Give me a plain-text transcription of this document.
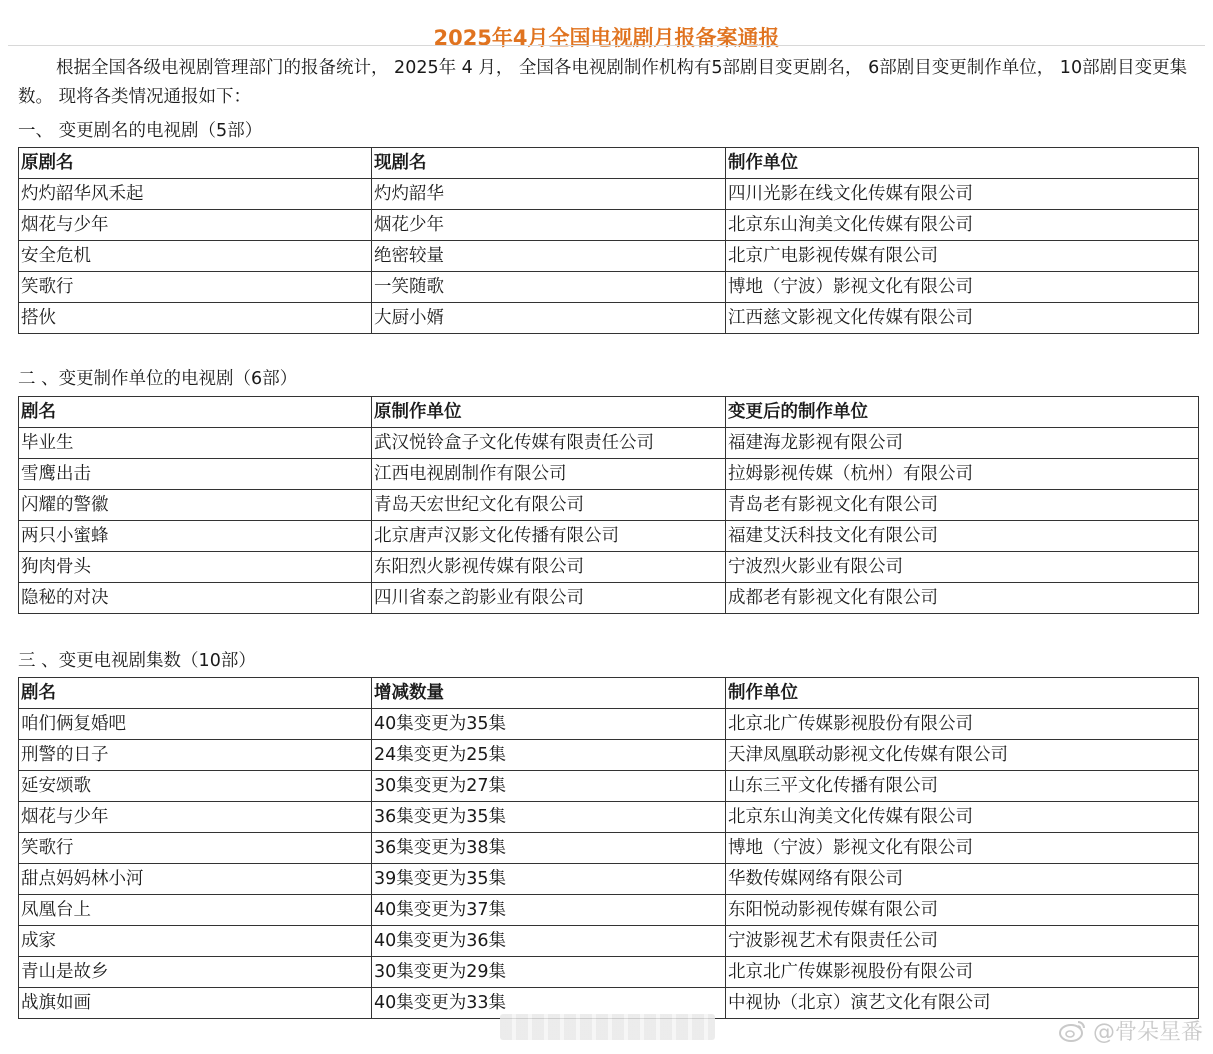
2025年4月全国电视剧月报备案通报

根据全国各级电视剧管理部门的报备统计， 2025年 4 月， 全国各电视剧制作机构有5部剧目变更剧名， 6部剧目变更制作单位， 10部剧目变更集数。 现将各类情况通报如下：

一、 变更剧名的电视剧（5部）

原剧名	现剧名	制作单位
灼灼韶华风禾起	灼灼韶华	四川光影在线文化传媒有限公司
烟花与少年	烟花少年	北京东山洵美文化传媒有限公司
安全危机	绝密较量	北京广电影视传媒有限公司
笑歌行	一笑随歌	博地（宁波）影视文化有限公司
搭伙	大厨小婿	江西慈文影视文化传媒有限公司

二 、变更制作单位的电视剧（6部）

剧名	原制作单位	变更后的制作单位
毕业生	武汉悦铃盒子文化传媒有限责任公司	福建海龙影视有限公司
雪鹰出击	江西电视剧制作有限公司	拉姆影视传媒（杭州）有限公司
闪耀的警徽	青岛天宏世纪文化有限公司	青岛老有影视文化有限公司
两只小蜜蜂	北京唐声汉影文化传播有限公司	福建艾沃科技文化有限公司
狗肉骨头	东阳烈火影视传媒有限公司	宁波烈火影业有限公司
隐秘的对决	四川省泰之韵影业有限公司	成都老有影视文化有限公司

三 、变更电视剧集数（10部）

剧名	增减数量	制作单位
咱们俩复婚吧	40集变更为35集	北京北广传媒影视股份有限公司
刑警的日子	24集变更为25集	天津凤凰联动影视文化传媒有限公司
延安颂歌	30集变更为27集	山东三平文化传播有限公司
烟花与少年	36集变更为35集	北京东山洵美文化传媒有限公司
笑歌行	36集变更为38集	博地（宁波）影视文化有限公司
甜点妈妈林小河	39集变更为35集	华数传媒网络有限公司
凤凰台上	40集变更为37集	东阳悦动影视传媒有限公司
成家	40集变更为36集	宁波影视艺术有限责任公司
青山是故乡	30集变更为29集	北京北广传媒影视股份有限公司
战旗如画	40集变更为33集	中视协（北京）演艺文化有限公司
@骨朵星番
